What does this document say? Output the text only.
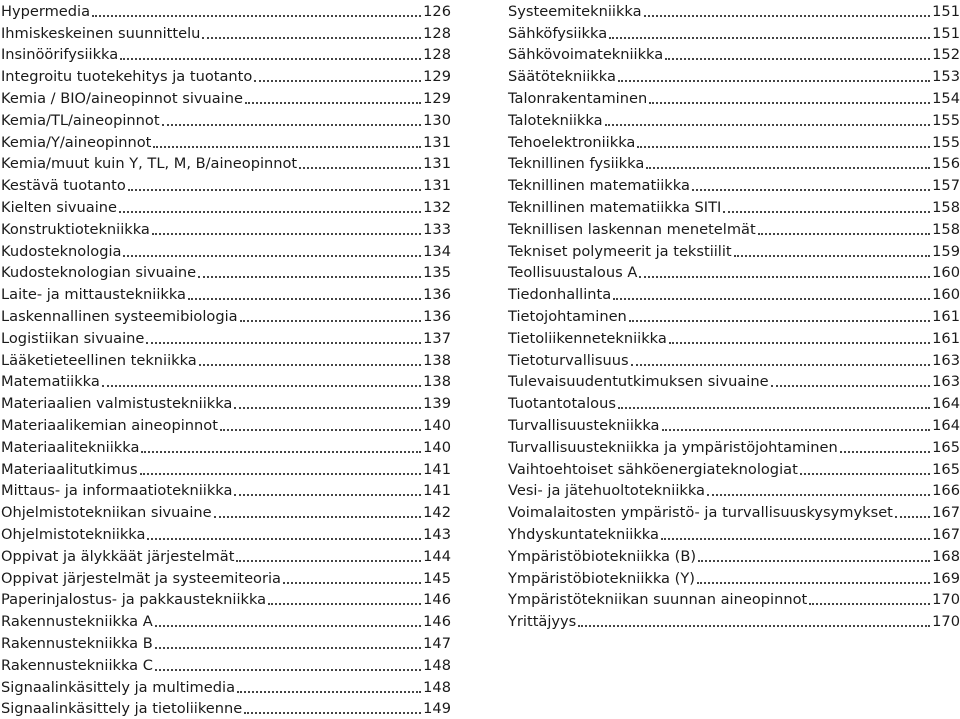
Hypermedia	126
Ihmiskeskeinen suunnittelu	128
Insinöörifysiikka	128
Integroitu tuotekehitys ja tuotanto	129
Kemia / BIO/aineopinnot sivuaine	129
Kemia/TL/aineopinnot	130
Kemia/Y/aineopinnot	131
Kemia/muut kuin Y, TL, M, B/aineopinnot	131
Kestävä tuotanto	131
Kielten sivuaine	132
Konstruktiotekniikka	133
Kudosteknologia	134
Kudosteknologian sivuaine	135
Laite- ja mittaustekniikka	136
Laskennallinen systeemibiologia	136
Logistiikan sivuaine	137
Lääketieteellinen tekniikka	138
Matematiikka	138
Materiaalien valmistustekniikka	139
Materiaalikemian aineopinnot	140
Materiaalitekniikka	140
Materiaalitutkimus	141
Mittaus- ja informaatiotekniikka	141
Ohjelmistotekniikan sivuaine	142
Ohjelmistotekniikka	143
Oppivat ja älykkäät järjestelmät	144
Oppivat järjestelmät ja systeemiteoria	145
Paperinjalostus- ja pakkaustekniikka	146
Rakennustekniikka A	146
Rakennustekniikka B	147
Rakennustekniikka C	148
Signaalinkäsittely ja multimedia	148
Signaalinkäsittely ja tietoliikenne	149
Systeemitekniikka	151
Sähköfysiikka	151
Sähkövoimatekniikka	152
Säätötekniikka	153
Talonrakentaminen	154
Talotekniikka	155
Tehoelektroniikka	155
Teknillinen fysiikka	156
Teknillinen matematiikka	157
Teknillinen matematiikka SITI	158
Teknillisen laskennan menetelmät	158
Tekniset polymeerit ja tekstiilit	159
Teollisuustalous A	160
Tiedonhallinta	160
Tietojohtaminen	161
Tietoliikennetekniikka	161
Tietoturvallisuus	163
Tulevaisuudentutkimuksen sivuaine	163
Tuotantotalous	164
Turvallisuustekniikka	164
Turvallisuustekniikka ja ympäristöjohtaminen	165
Vaihtoehtoiset sähköenergiateknologiat	165
Vesi- ja jätehuoltotekniikka	166
Voimalaitosten ympäristö- ja turvallisuuskysymykset	167
Yhdyskuntatekniikka	167
Ympäristöbiotekniikka (B)	168
Ympäristöbiotekniikka (Y)	169
Ympäristötekniikan suunnan aineopinnot	170
Yrittäjyys	170
